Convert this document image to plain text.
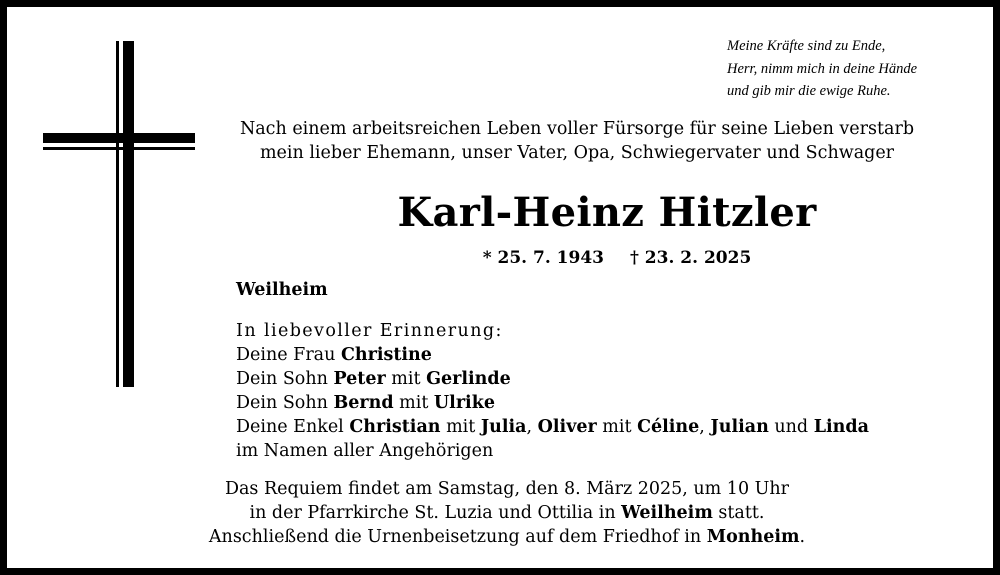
Meine Kräfte sind zu Ende,
Herr, nimm mich in deine Hände
und gib mir die ewige Ruhe.
Nach einem arbeitsreichen Leben voller Fürsorge für seine Lieben verstarb
mein lieber Ehemann, unser Vater, Opa, Schwiegervater und Schwager
Karl-Heinz Hitzler
* 25. 7. 1943 † 23. 2. 2025
Weilheim
In liebevoller Erinnerung:
Deine Frau Christine
Dein Sohn Peter mit Gerlinde
Dein Sohn Bernd mit Ulrike
Deine Enkel Christian mit Julia, Oliver mit Céline, Julian und Linda
im Namen aller Angehörigen
Das Requiem findet am Samstag, den 8. März 2025, um 10 Uhr
in der Pfarrkirche St. Luzia und Ottilia in Weilheim statt.
Anschließend die Urnenbeisetzung auf dem Friedhof in Monheim.
